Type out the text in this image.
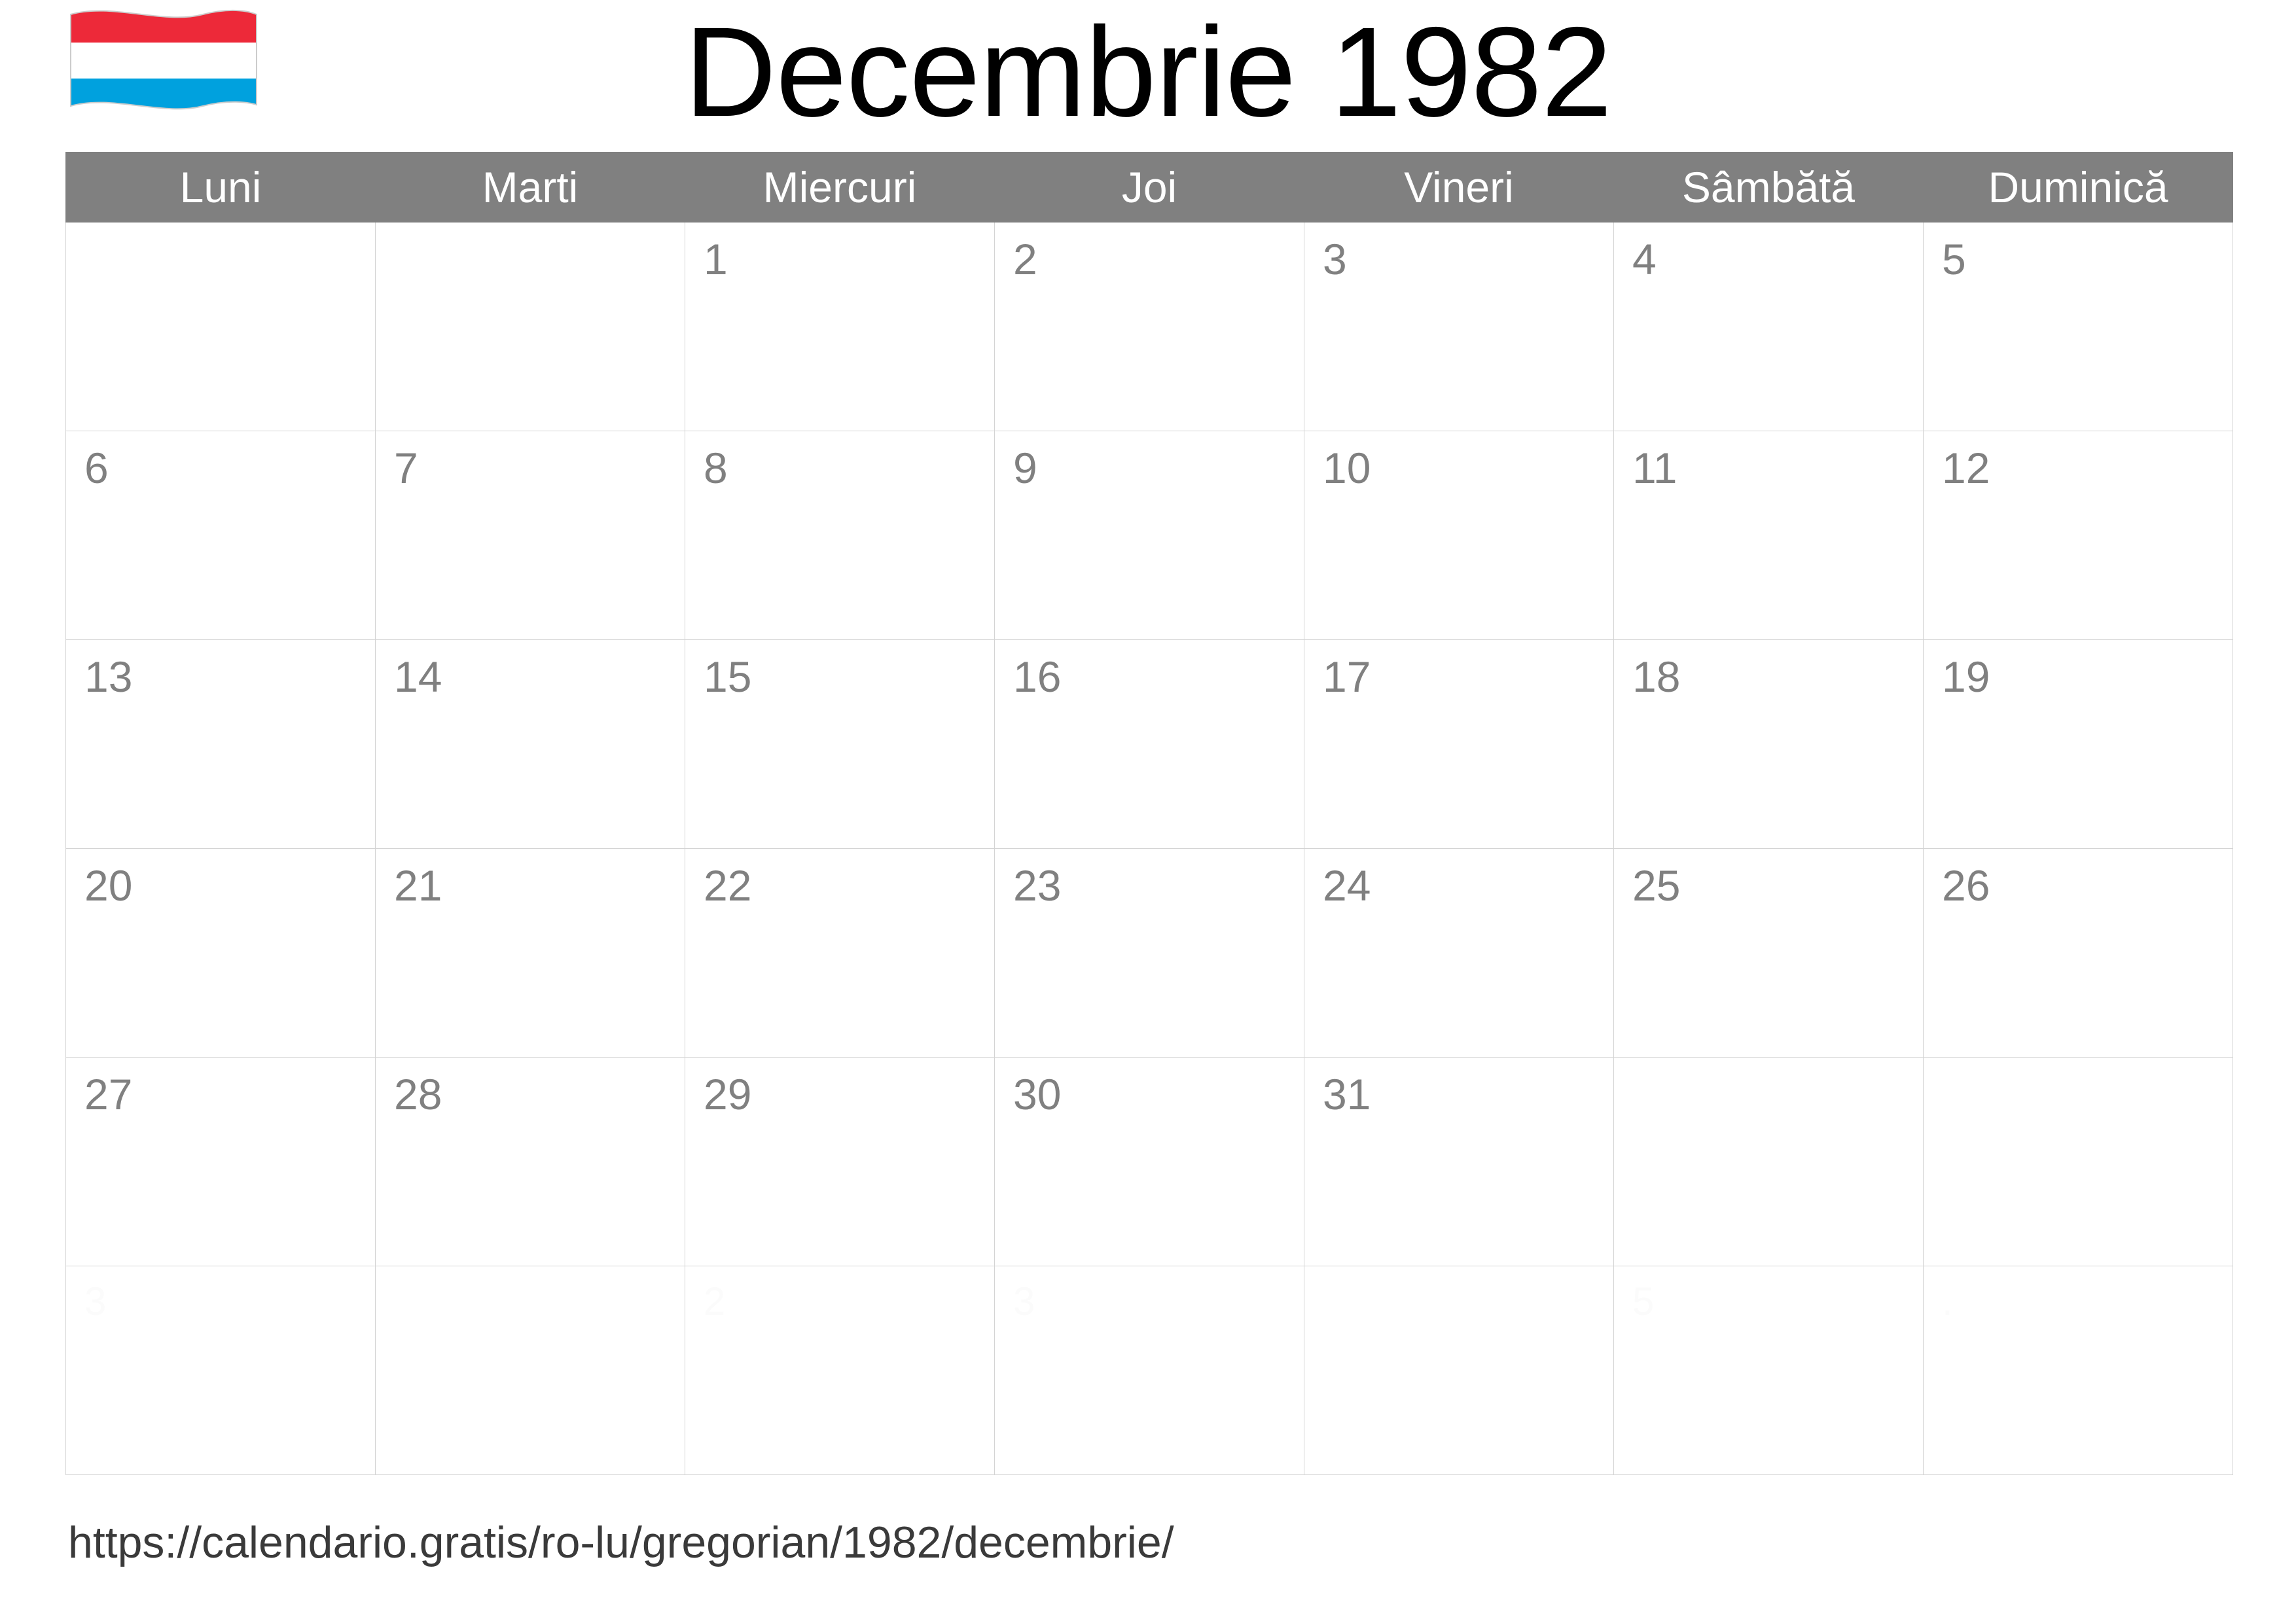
Decembrie 1982
Luni	Marti	Miercuri	Joi	Vineri	Sâmbătă	Duminică

		1	2	3	4	5

6	7	8	9	10	11	12

13	14	15	16	17	18	19

20	21	22	23	24	25	26

27	28	29	30	31		

3		2	3		5	.
https://calendario.gratis/ro-lu/gregorian/1982/decembrie/
